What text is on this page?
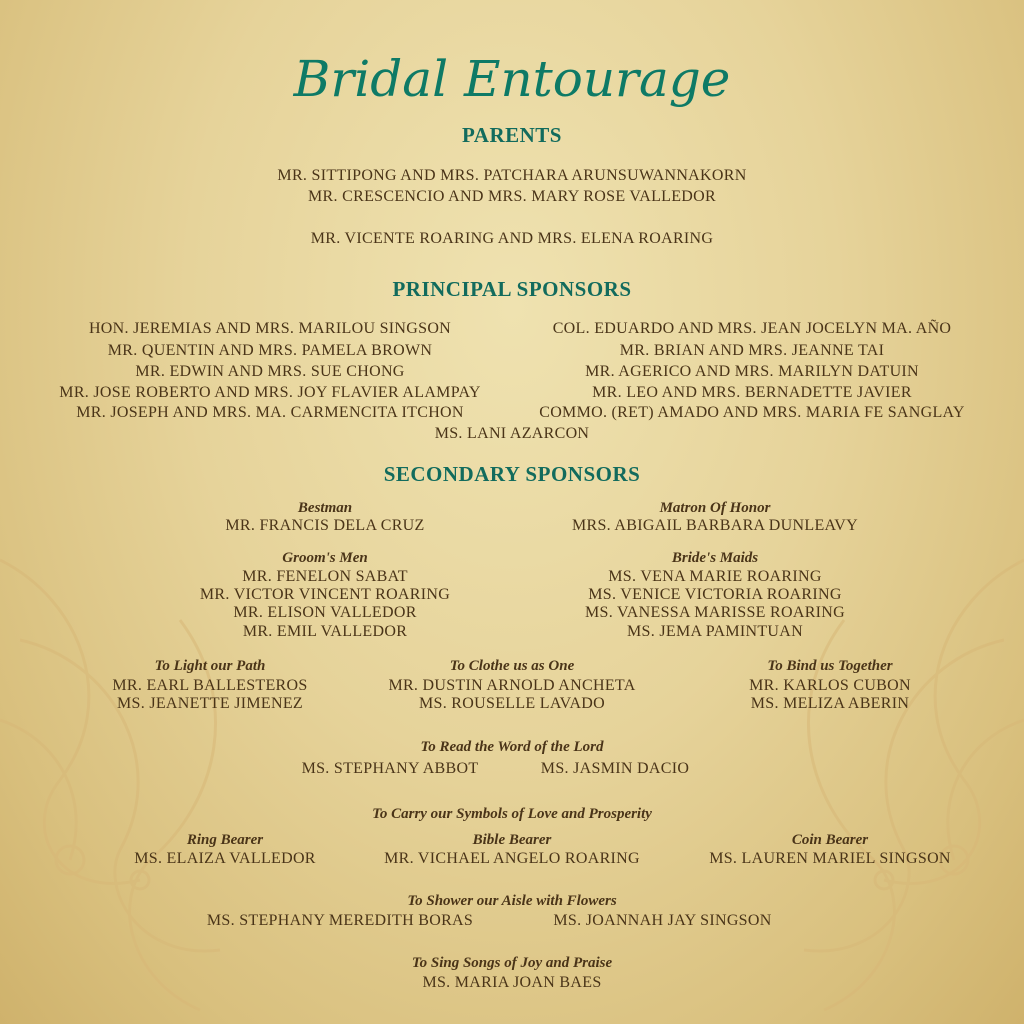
Bridal Entourage
PARENTS
MR. SITTIPONG AND MRS. PATCHARA ARUNSUWANNAKORN
MR. CRESCENCIO AND MRS. MARY ROSE VALLEDOR
MR. VICENTE ROARING AND MRS. ELENA ROARING
PRINCIPAL SPONSORS
HON. JEREMIAS AND MRS. MARILOU SINGSON
MR. QUENTIN AND MRS. PAMELA BROWN
MR. EDWIN AND MRS. SUE CHONG
MR. JOSE ROBERTO AND MRS. JOY FLAVIER ALAMPAY
MR. JOSEPH AND MRS. MA. CARMENCITA ITCHON
COL. EDUARDO AND MRS. JEAN JOCELYN MA. AÑO
MR. BRIAN AND MRS. JEANNE TAI
MR. AGERICO AND MRS. MARILYN DATUIN
MR. LEO AND MRS. BERNADETTE JAVIER
COMMO. (RET) AMADO AND MRS. MARIA FE SANGLAY
MS. LANI AZARCON
SECONDARY SPONSORS
Bestman
MR. FRANCIS DELA CRUZ
Matron Of Honor
MRS. ABIGAIL BARBARA DUNLEAVY
Groom's Men
MR. FENELON SABAT
MR. VICTOR VINCENT ROARING
MR. ELISON VALLEDOR
MR. EMIL VALLEDOR
Bride's Maids
MS. VENA MARIE ROARING
MS. VENICE VICTORIA ROARING
MS. VANESSA MARISSE ROARING
MS. JEMA PAMINTUAN
To Light our Path
MR. EARL BALLESTEROS
MS. JEANETTE JIMENEZ
To Clothe us as One
MR. DUSTIN ARNOLD ANCHETA
MS. ROUSELLE LAVADO
To Bind us Together
MR. KARLOS CUBON
MS. MELIZA ABERIN
To Read the Word of the Lord
MS. STEPHANY ABBOT	MS. JASMIN DACIO
To Carry our Symbols of Love and Prosperity
Ring Bearer
MS. ELAIZA VALLEDOR
Bible Bearer
MR. VICHAEL ANGELO ROARING
Coin Bearer
MS. LAUREN MARIEL SINGSON
To Shower our Aisle with Flowers
MS. STEPHANY MEREDITH BORAS	MS. JOANNAH JAY SINGSON
To Sing Songs of Joy and Praise
MS. MARIA JOAN BAES
